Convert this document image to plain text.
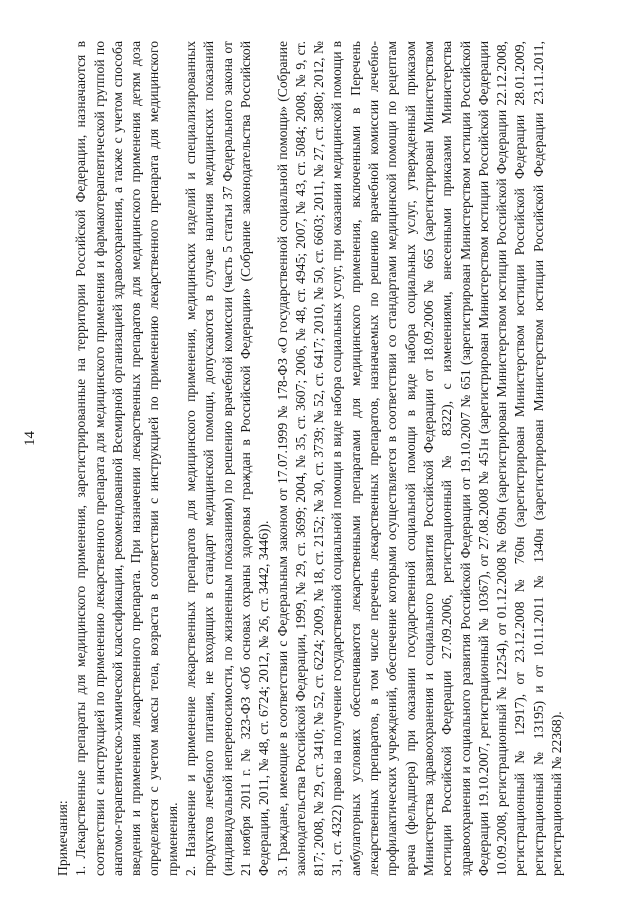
14

Примечания: 1. Лекарственные препараты для медицинского применения, зарегистрированные на территории Российской Федерации, назначаются в соответствии с инструкцией по применению лекарственного препарата для медицинского применения и фармакотерапевтической группой по анатомо-терапевтическо-химической классификации, рекомендованной Всемирной организацией здравоохранения, а также с учетом способа введения и применения лекарственного препарата. При назначении лекарственных препаратов для медицинского применения детям доза определяется с учетом массы тела, возраста в соответствии с инструкцией по применению лекарственного препарата для медицинского применения. 2. Назначение и применение лекарственных препаратов для медицинского применения, медицинских изделий и специализированных продуктов лечебного питания, не входящих в стандарт медицинской помощи, допускаются в случае наличия медицинских показаний (индивидуальной непереносимости, по жизненным показаниям) по решению врачебной комиссии (часть 5 статьи 37 Федерального закона от 21 ноября 2011 г. № 323-ФЗ «Об основах охраны здоровья граждан в Российской Федерации» (Собрание законодательства Российской Федерации, 2011, № 48, ст. 6724; 2012, № 26, ст. 3442, 3446)). 3. Граждане, имеющие в соответствии с Федеральным законом от 17.07.1999 № 178-ФЗ «О государственной социальной помощи» (Собрание законодательства Российской Федерации, 1999, № 29, ст. 3699; 2004, № 35, ст. 3607; 2006, № 48, ст. 4945; 2007, № 43, ст. 5084; 2008, № 9, ст. 817; 2008, № 29, ст. 3410; № 52, ст. 6224; 2009, № 18, ст. 2152; № 30, ст. 3739; № 52, ст. 6417; 2010, № 50, ст. 6603; 2011, № 27, ст. 3880; 2012, № 31, ст. 4322) право на получение государственной социальной помощи в виде набора социальных услуг, при оказании медицинской помощи в амбулаторных условиях обеспечиваются лекарственными препаратами для медицинского применения, включенными в Перечень лекарственных препаратов, в том числе перечень лекарственных препаратов, назначаемых по решению врачебной комиссии лечебно-профилактических учреждений, обеспечение которыми осуществляется в соответствии со стандартами медицинской помощи по рецептам врача (фельдшера) при оказании государственной социальной помощи в виде набора социальных услуг, утвержденный приказом Министерства здравоохранения и социального развития Российской Федерации от 18.09.2006 № 665 (зарегистрирован Министерством юстиции Российской Федерации 27.09.2006, регистрационный № 8322), с изменениями, внесенными приказами Министерства здравоохранения и социального развития Российской Федерации от 19.10.2007 № 651 (зарегистрирован Министерством юстиции Российской Федерации 19.10.2007, регистрационный № 10367), от 27.08.2008 № 451н (зарегистрирован Министерством юстиции Российской Федерации 10.09.2008, регистрационный № 12254), от 01.12.2008 № 690н (зарегистрирован Министерством юстиции Российской Федерации 22.12.2008, регистрационный № 12917), от 23.12.2008 № 760н (зарегистрирован Министерством юстиции Российской Федерации 28.01.2009, регистрационный № 13195) и от 10.11.2011 № 1340н (зарегистрирован Министерством юстиции Российской Федерации 23.11.2011, регистрационный № 22368).
